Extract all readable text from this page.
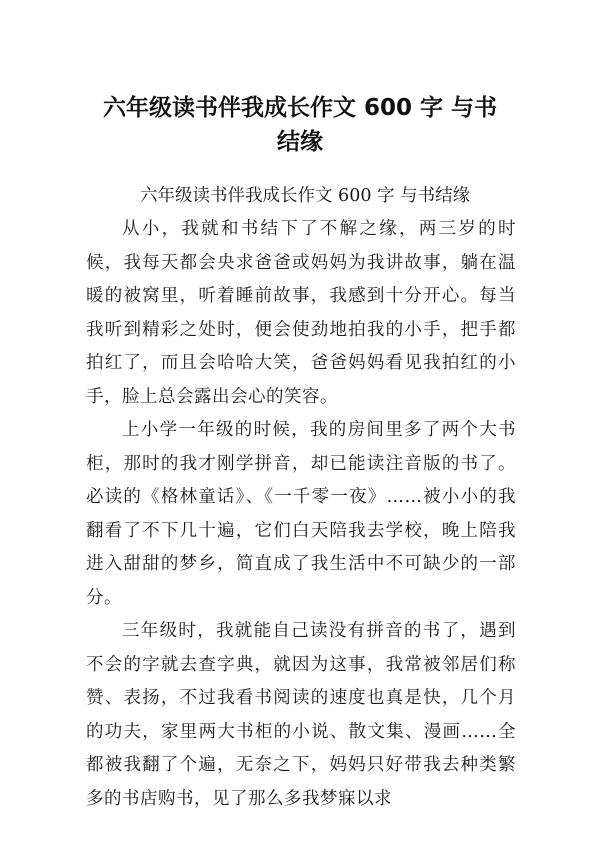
六年级读书伴我成长作文 600 字 与书
结缘

六年级读书伴我成长作文 600 字 与书结缘

从小，我就和书结下了不解之缘，两三岁的时候，我每天都会央求爸爸或妈妈为我讲故事，躺在温暖的被窝里，听着睡前故事，我感到十分开心。每当我听到精彩之处时，便会使劲地拍我的小手，把手都拍红了，而且会哈哈大笑，爸爸妈妈看见我拍红的小手，脸上总会露出会心的笑容。

上小学一年级的时候，我的房间里多了两个大书柜，那时的我才刚学拼音，却已能读注音版的书了。必读的《格林童话》、《一千零一夜》……被小小的我翻看了不下几十遍，它们白天陪我去学校，晚上陪我进入甜甜的梦乡，简直成了我生活中不可缺少的一部分。

三年级时，我就能自己读没有拼音的书了，遇到不会的字就去查字典，就因为这事，我常被邻居们称赞、表扬，不过我看书阅读的速度也真是快，几个月的功夫，家里两大书柜的小说、散文集、漫画……全都被我翻了个遍，无奈之下，妈妈只好带我去种类繁多的书店购书，见了那么多我梦寐以求
